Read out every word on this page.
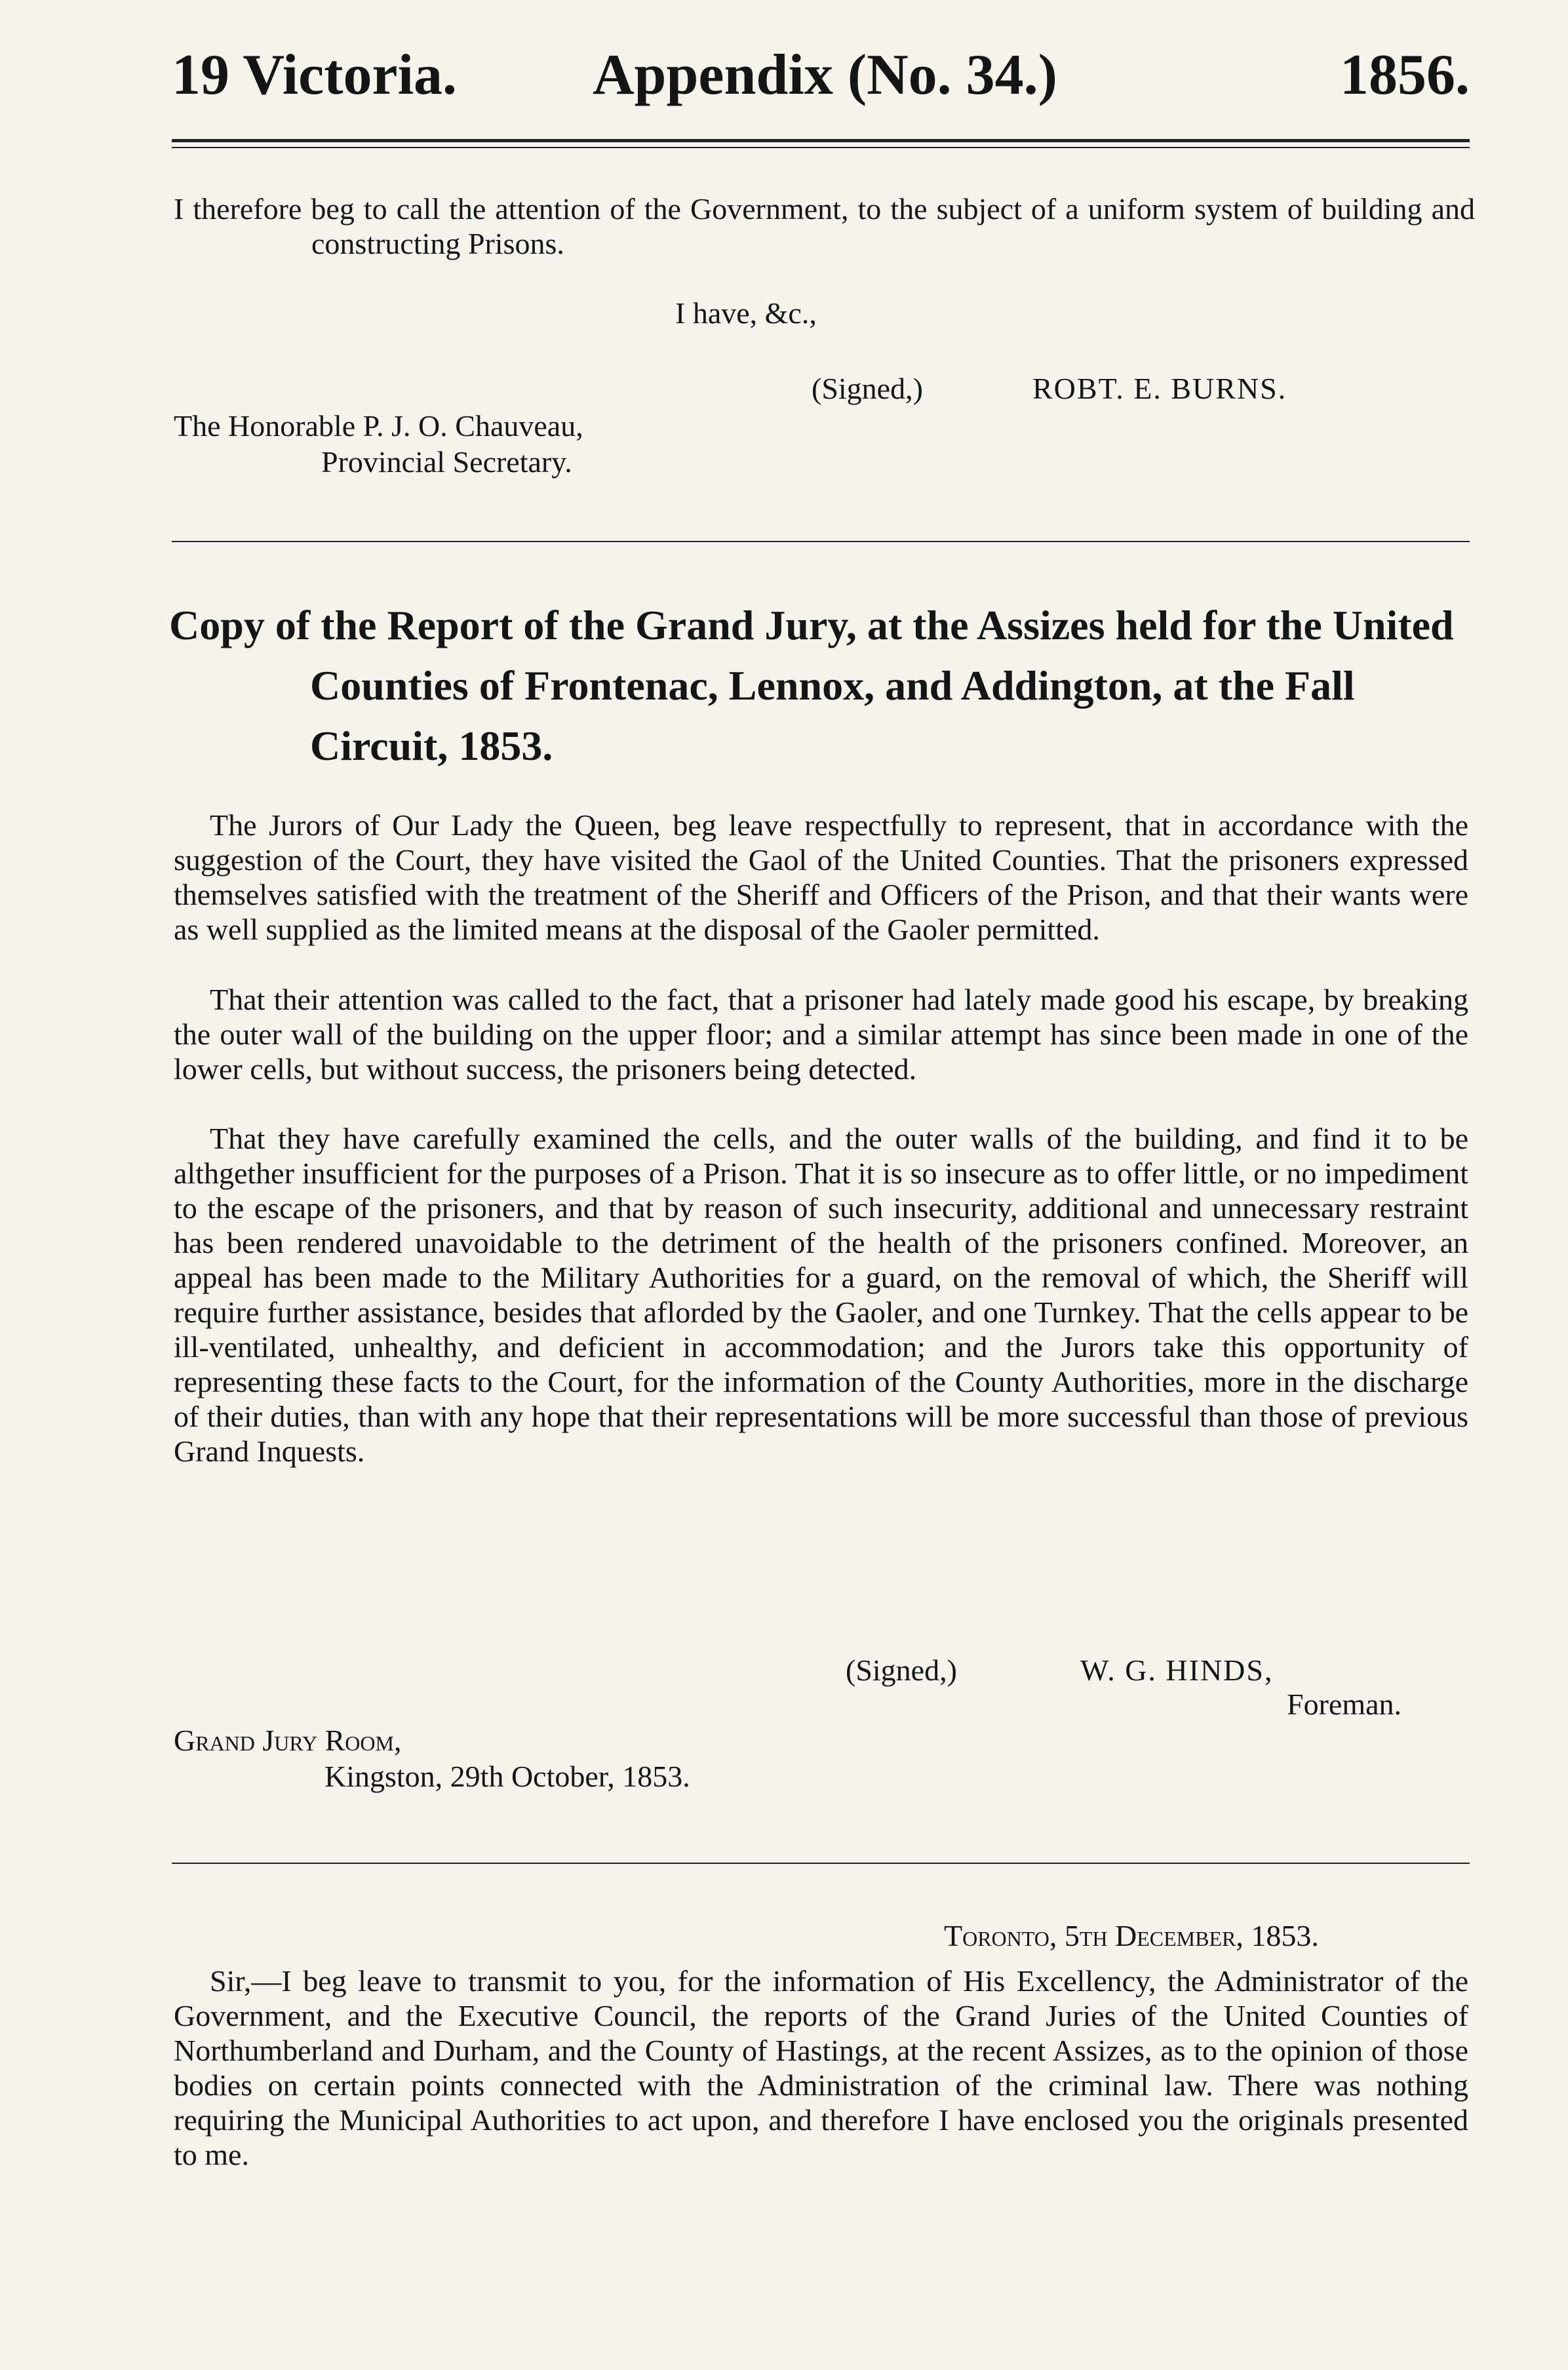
19 Victoria. Appendix (No. 34.)	1856.

I therefore beg to call the attention of the Government, to the subject of a uniform system of building and constructing Prisons.

I have, &c.,
(Signed,)	ROBT. E. BURNS.
The Honorable P. J. O. Chauveau,
Provincial Secretary.
Copy of the Report of the Grand Jury, at the Assizes held for the United Counties of Frontenac, Lennox, and Addington, at the Fall Circuit, 1853.

The Jurors of Our Lady the Queen, beg leave respectfully to represent, that in accordance with the suggestion of the Court, they have visited the Gaol of the United Counties. That the prisoners expressed themselves satisfied with the treatment of the Sheriff and Officers of the Prison, and that their wants were as well supplied as the limited means at the disposal of the Gaoler permitted.

That their attention was called to the fact, that a prisoner had lately made good his escape, by breaking the outer wall of the building on the upper floor; and a similar attempt has since been made in one of the lower cells, but without success, the prisoners being detected.

That they have carefully examined the cells, and the outer walls of the building, and find it to be althgether insufficient for the purposes of a Prison. That it is so insecure as to offer little, or no impediment to the escape of the prisoners, and that by reason of such insecurity, additional and unnecessary restraint has been rendered unavoidable to the detriment of the health of the prisoners confined. Moreover, an appeal has been made to the Military Authorities for a guard, on the removal of which, the Sheriff will require further assistance, besides that aflorded by the Gaoler, and one Turnkey. That the cells appear to be ill-ventilated, unhealthy, and deficient in accommodation; and the Jurors take this opportunity of representing these facts to the Court, for the information of the County Authorities, more in the discharge of their duties, than with any hope that their representations will be more successful than those of previous Grand Inquests.

(Signed,)	W. G. HINDS,
Foreman.
Grand Jury Room,
Kingston, 29th October, 1853.
Toronto, 5th December, 1853.

Sir,—I beg leave to transmit to you, for the information of His Excellency, the Administrator of the Government, and the Executive Council, the reports of the Grand Juries of the United Counties of Northumberland and Durham, and the County of Hastings, at the recent Assizes, as to the opinion of those bodies on certain points connected with the Administration of the criminal law. There was nothing requiring the Municipal Authorities to act upon, and therefore I have enclosed you the originals presented to me.
